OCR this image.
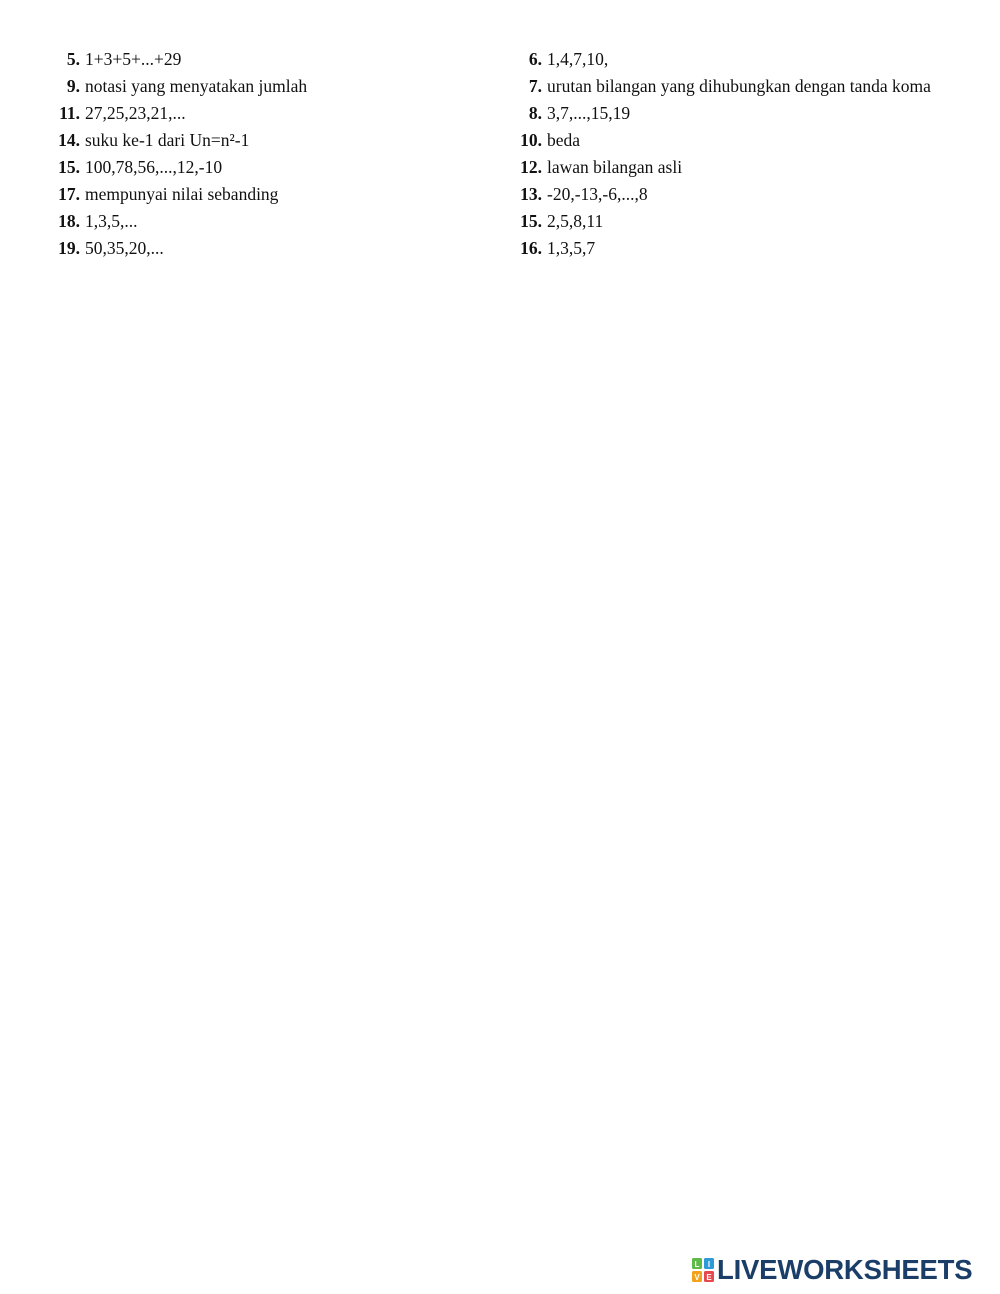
5. 1+3+5+...+29
9. notasi yang menyatakan jumlah
11. 27,25,23,21,...
14. suku ke-1 dari Un=n²-1
15. 100,78,56,...,12,-10
17. mempunyai nilai sebanding
18. 1,3,5,...
19. 50,35,20,...
6. 1,4,7,10,
7. urutan bilangan yang dihubungkan dengan tanda koma
8. 3,7,...,15,19
10. beda
12. lawan bilangan asli
13. -20,-13,-6,...,8
15. 2,5,8,11
16. 1,3,5,7
L I
V E LIVEWORKSHEETS
